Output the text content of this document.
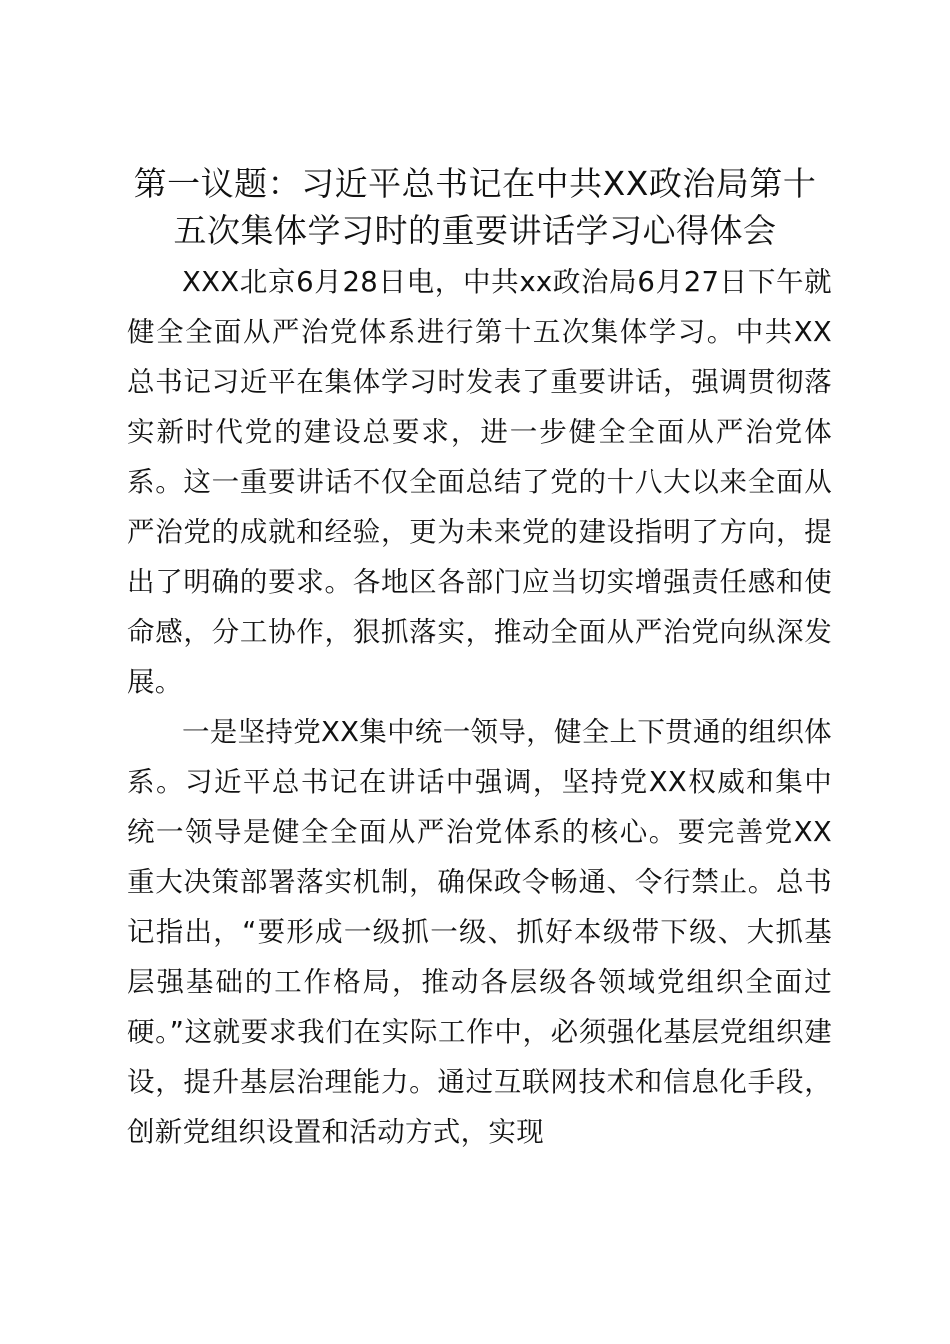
第一议题：习近平总书记在中共XX政治局第十五次集体学习时的重要讲话学习心得体会

XXX北京6月28日电，中共xx政治局6月27日下午就健全全面从严治党体系进行第十五次集体学习。中共XX总书记习近平在集体学习时发表了重要讲话，强调贯彻落实新时代党的建设总要求，进一步健全全面从严治党体系。这一重要讲话不仅全面总结了党的十八大以来全面从严治党的成就和经验，更为未来党的建设指明了方向，提出了明确的要求。各地区各部门应当切实增强责任感和使命感，分工协作，狠抓落实，推动全面从严治党向纵深发展。

一是坚持党XX集中统一领导，健全上下贯通的组织体系。习近平总书记在讲话中强调，坚持党XX权威和集中统一领导是健全全面从严治党体系的核心。要完善党XX重大决策部署落实机制，确保政令畅通、令行禁止。总书记指出，“要形成一级抓一级、抓好本级带下级、大抓基层强基础的工作格局，推动各层级各领域党组织全面过硬。”这就要求我们在实际工作中，必须强化基层党组织建设，提升基层治理能力。通过互联网技术和信息化手段，创新党组织设置和活动方式，实现
